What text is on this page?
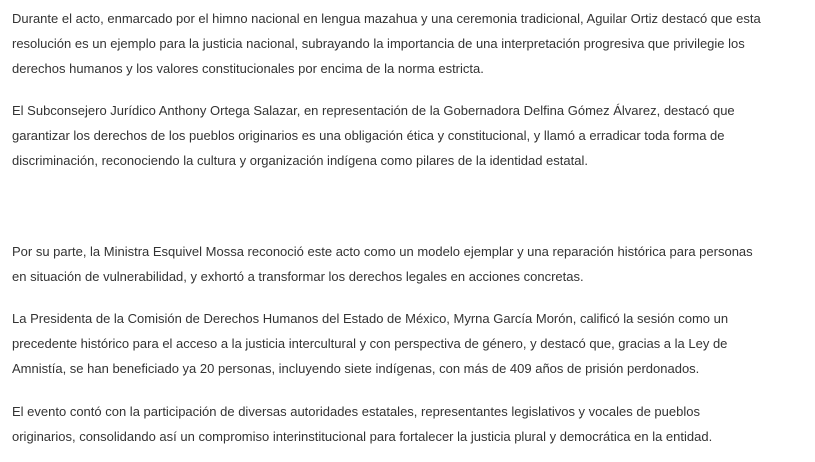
Durante el acto, enmarcado por el himno nacional en lengua mazahua y una ceremonia tradicional, Aguilar Ortiz destacó que esta
resolución es un ejemplo para la justicia nacional, subrayando la importancia de una interpretación progresiva que privilegie los
derechos humanos y los valores constitucionales por encima de la norma estricta.

El Subconsejero Jurídico Anthony Ortega Salazar, en representación de la Gobernadora Delfina Gómez Álvarez, destacó que
garantizar los derechos de los pueblos originarios es una obligación ética y constitucional, y llamó a erradicar toda forma de
discriminación, reconociendo la cultura y organización indígena como pilares de la identidad estatal.

Por su parte, la Ministra Esquivel Mossa reconoció este acto como un modelo ejemplar y una reparación histórica para personas
en situación de vulnerabilidad, y exhortó a transformar los derechos legales en acciones concretas.

La Presidenta de la Comisión de Derechos Humanos del Estado de México, Myrna García Morón, calificó la sesión como un
precedente histórico para el acceso a la justicia intercultural y con perspectiva de género, y destacó que, gracias a la Ley de
Amnistía, se han beneficiado ya 20 personas, incluyendo siete indígenas, con más de 409 años de prisión perdonados.

El evento contó con la participación de diversas autoridades estatales, representantes legislativos y vocales de pueblos
originarios, consolidando así un compromiso interinstitucional para fortalecer la justicia plural y democrática en la entidad.
